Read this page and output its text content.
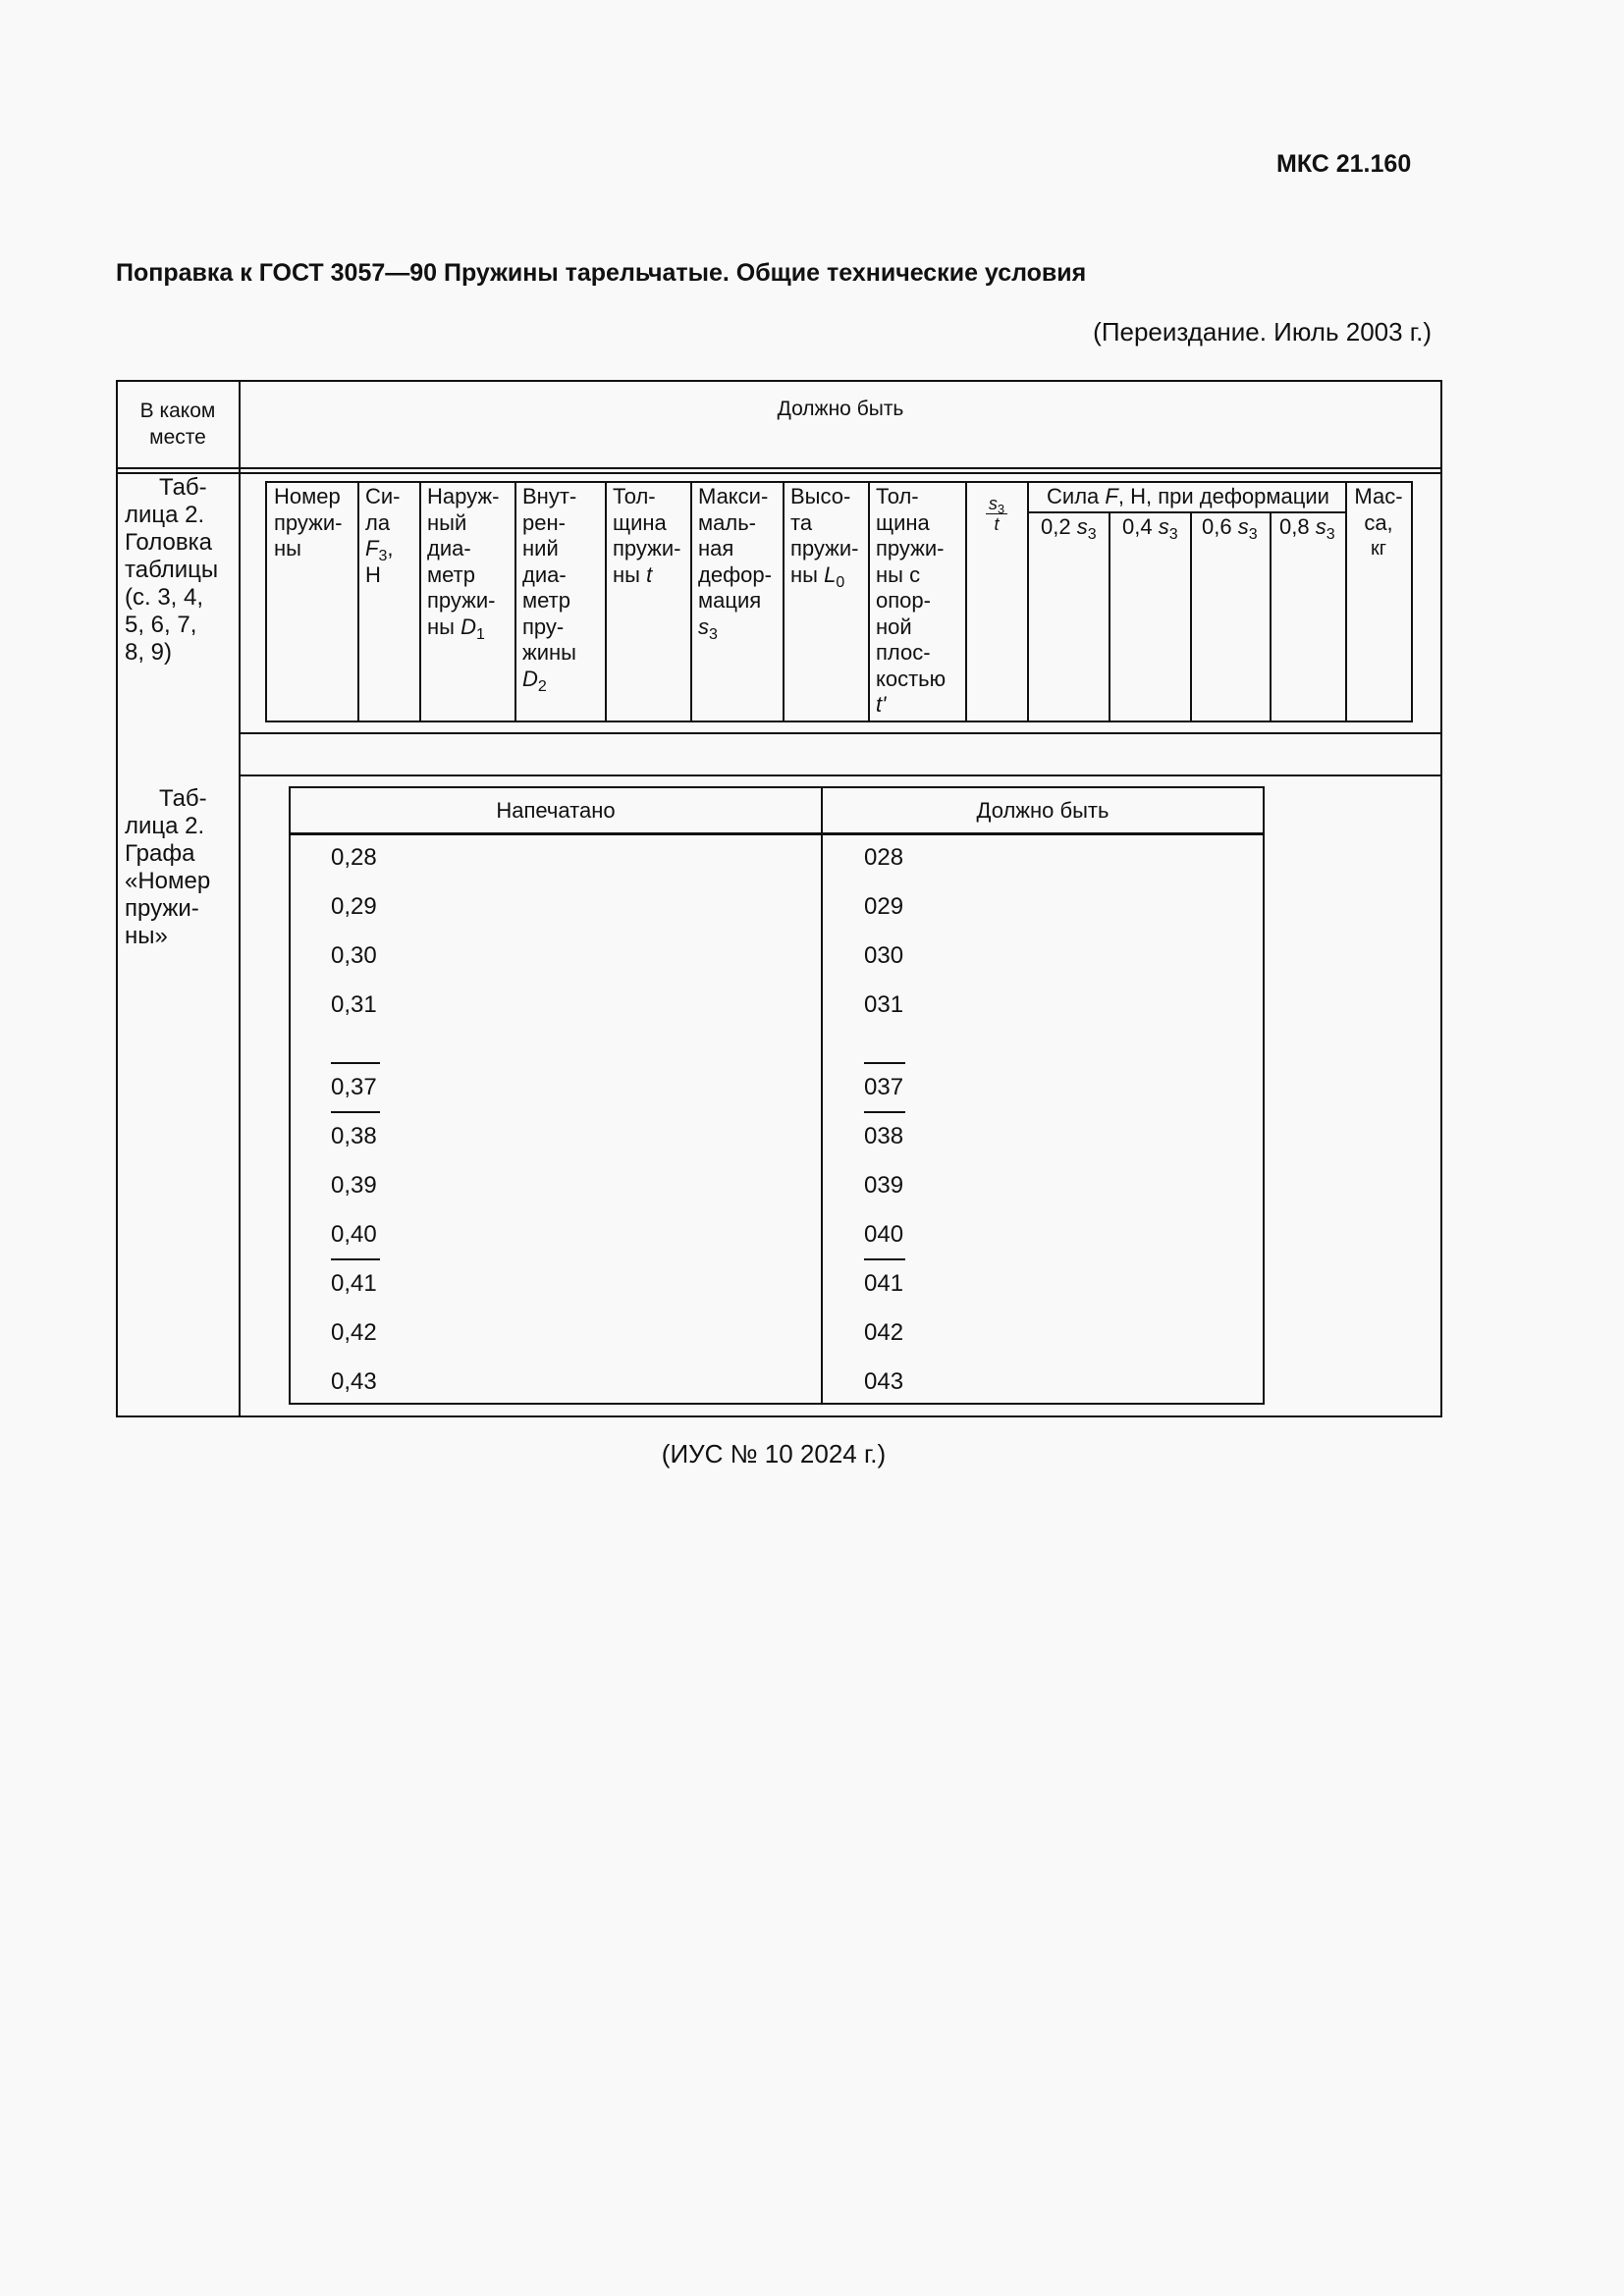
МКС 21.160
Поправка к ГОСТ 3057—90 Пружины тарельчатые. Общие технические условия
(Переиздание. Июль 2003 г.)
В каком
месте
Должно быть
Таб-
лица 2.
Головка
таблицы
(с. 3, 4,
5, 6, 7,
8, 9)
Таб-
лица 2.
Графа
«Номер
пружи-
ны»
Номер
пружи-
ны
Си-
ла
$F_3$,
Н
Наруж-
ный
диа-
метр
пружи-
ны $D_1$
Внут-
рен-
ний
диа-
метр
пру-
жины
$D_2$
Тол-
щина
пружи-
ны t
Макси-
маль-
ная
дефор-
мация
$s_3$
Высо-
та
пружи-
ны $L_0$
Тол-
щина
пружи-
ны с
опор-
ной
плос-
костью
t'
$s_3$
t
Сила F, Н, при деформации
0,2 $s_3$ 0,4 $s_3$ 0,6 $s_3$ 0,8 $s_3$
Мас-
са,
кг
Напечатано	Должно быть
0,28
0,29
0,30
0,31
0,37
0,38
0,39
0,40
0,41
0,42
0,43
028
029
030
031
037
038
039
040
041
042
043
(ИУС № 10 2024 г.)
